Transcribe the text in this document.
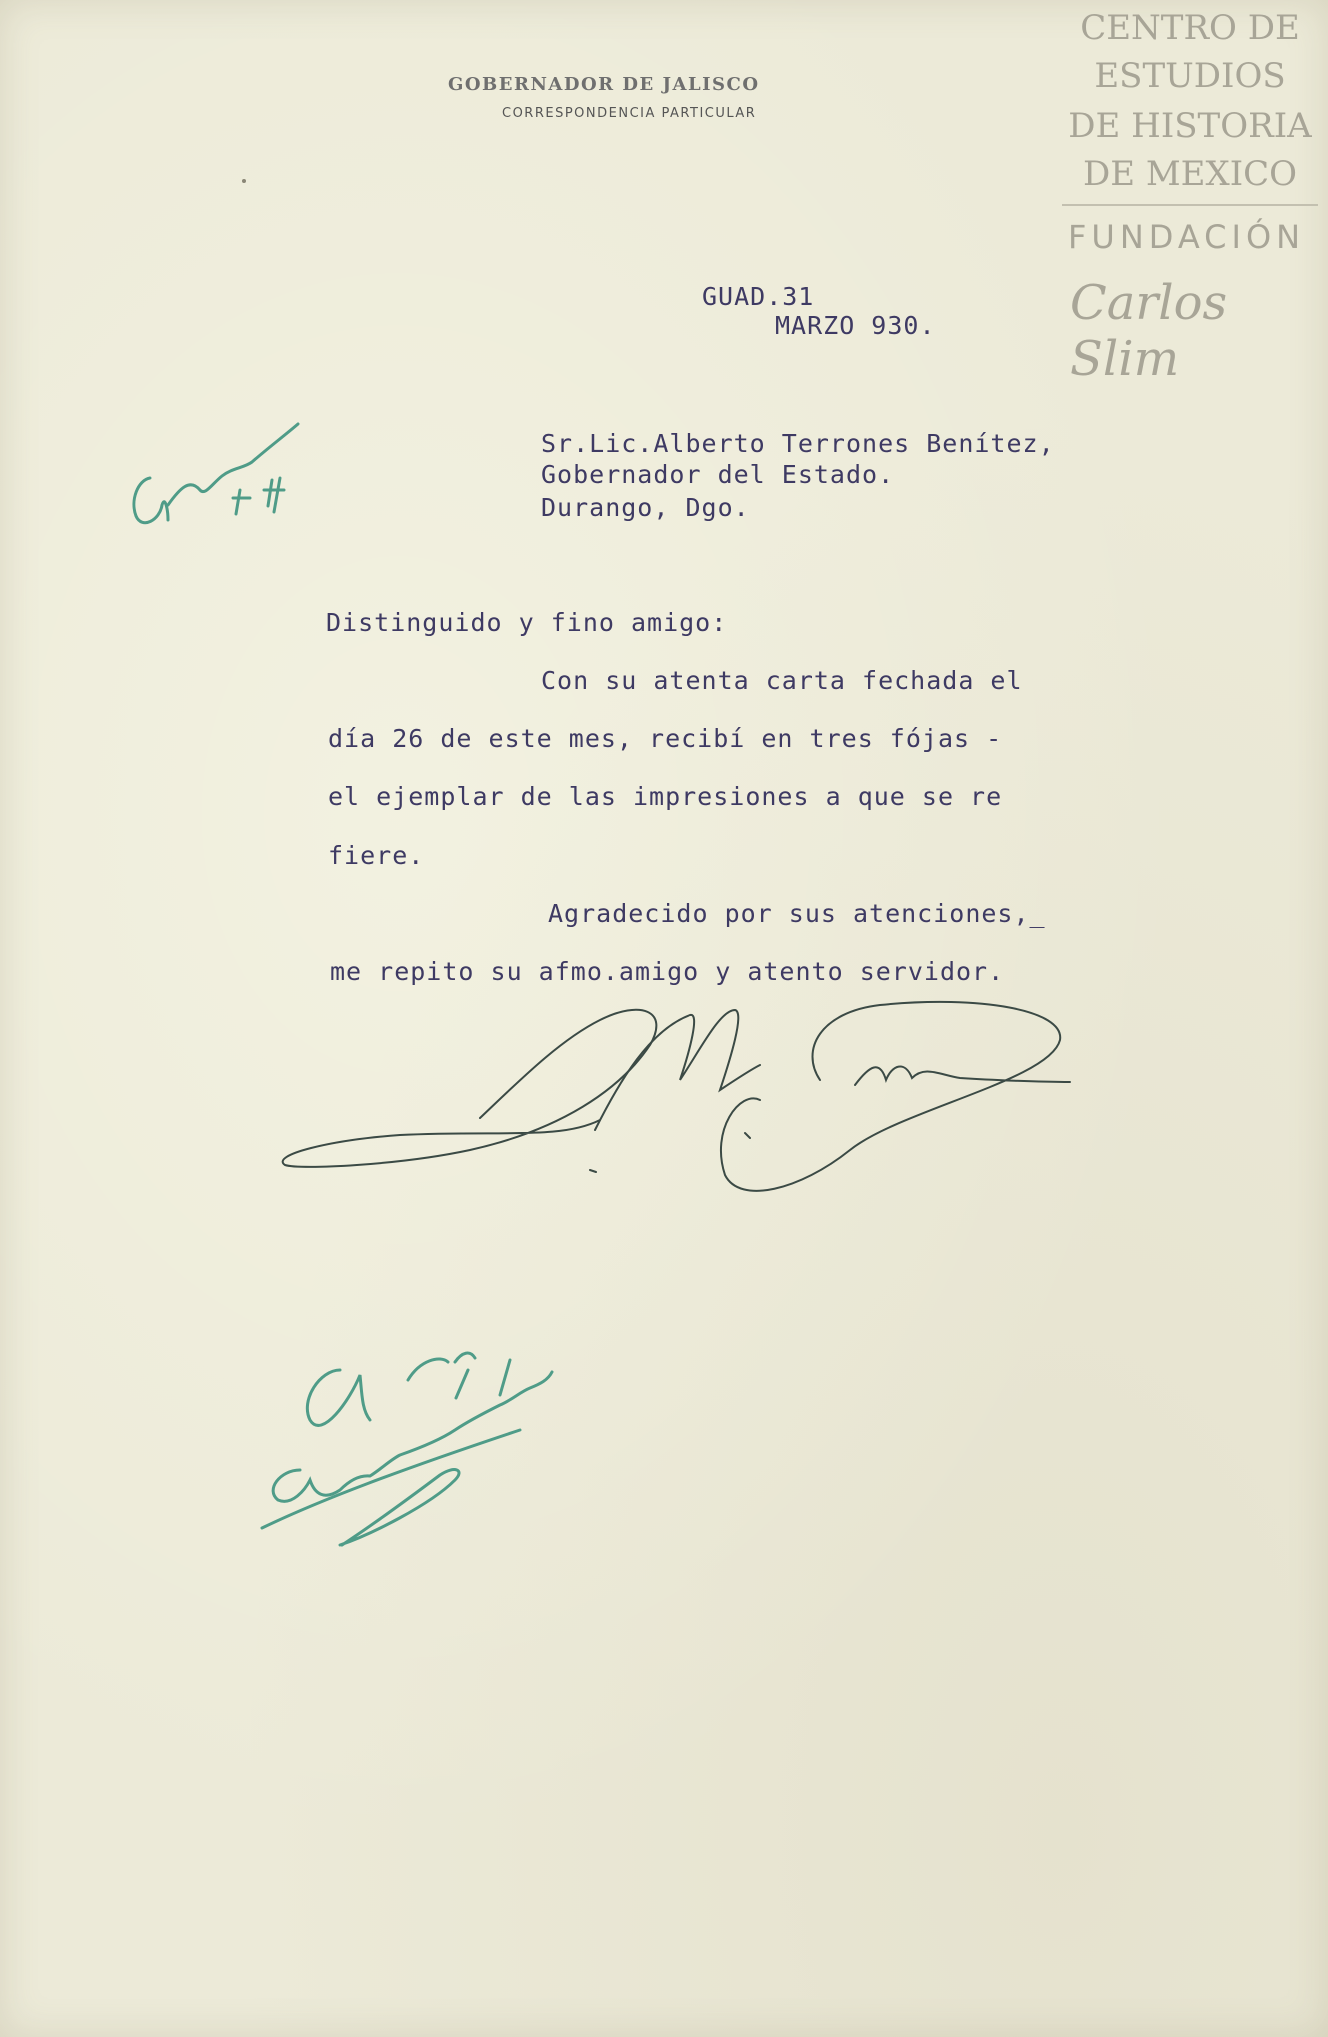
GOBERNADOR DE JALISCO
CORRESPONDENCIA PARTICULAR
CENTRO DE
ESTUDIOS
DE HISTORIA
DE MEXICO
FUNDACIÓN
Carlos Slim
GUAD.31
MARZO 930.
Sr.Lic.Alberto Terrones Benítez,
Gobernador del Estado.
Durango, Dgo.
Distinguido y fino amigo:
Con su atenta carta fechada el
día 26 de este mes, recibí en tres fójas -
el ejemplar de las impresiones a que se re
fiere.
Agradecido por sus atenciones,_
me repito su afmo.amigo y atento servidor.
